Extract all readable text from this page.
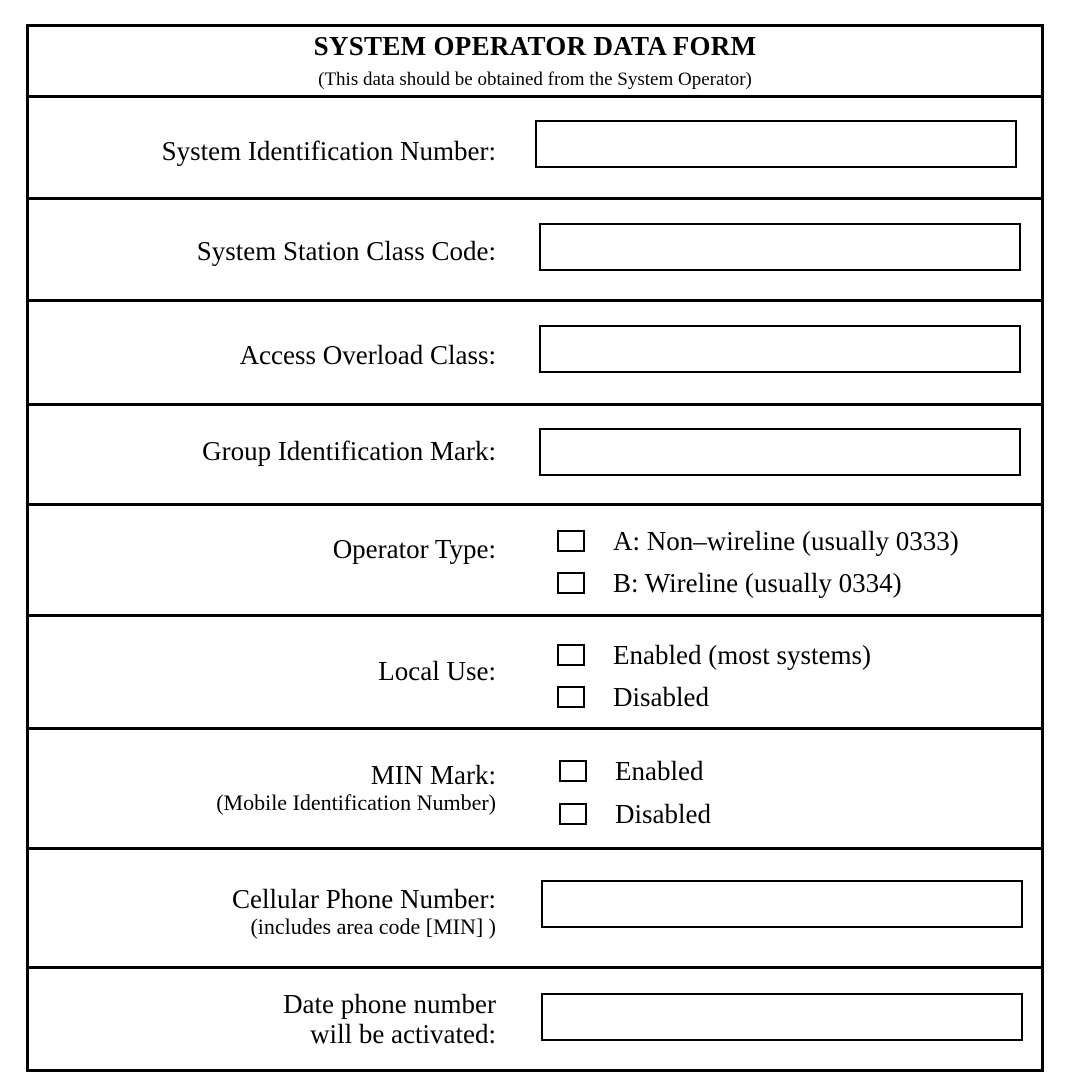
SYSTEM OPERATOR DATA FORM
(This data should be obtained from the System Operator)
System Identification Number:
System Station Class Code:
Access Overload Class:
Group Identification Mark:
Operator Type:	A: Non–wireline (usually 0333)
B: Wireline (usually 0334)
Local Use:
Enabled (most systems)
Disabled
MIN Mark:
(Mobile Identification Number)
Enabled
Disabled
Cellular Phone Number:
(includes area code [MIN] )
Date phone number
will be activated:
